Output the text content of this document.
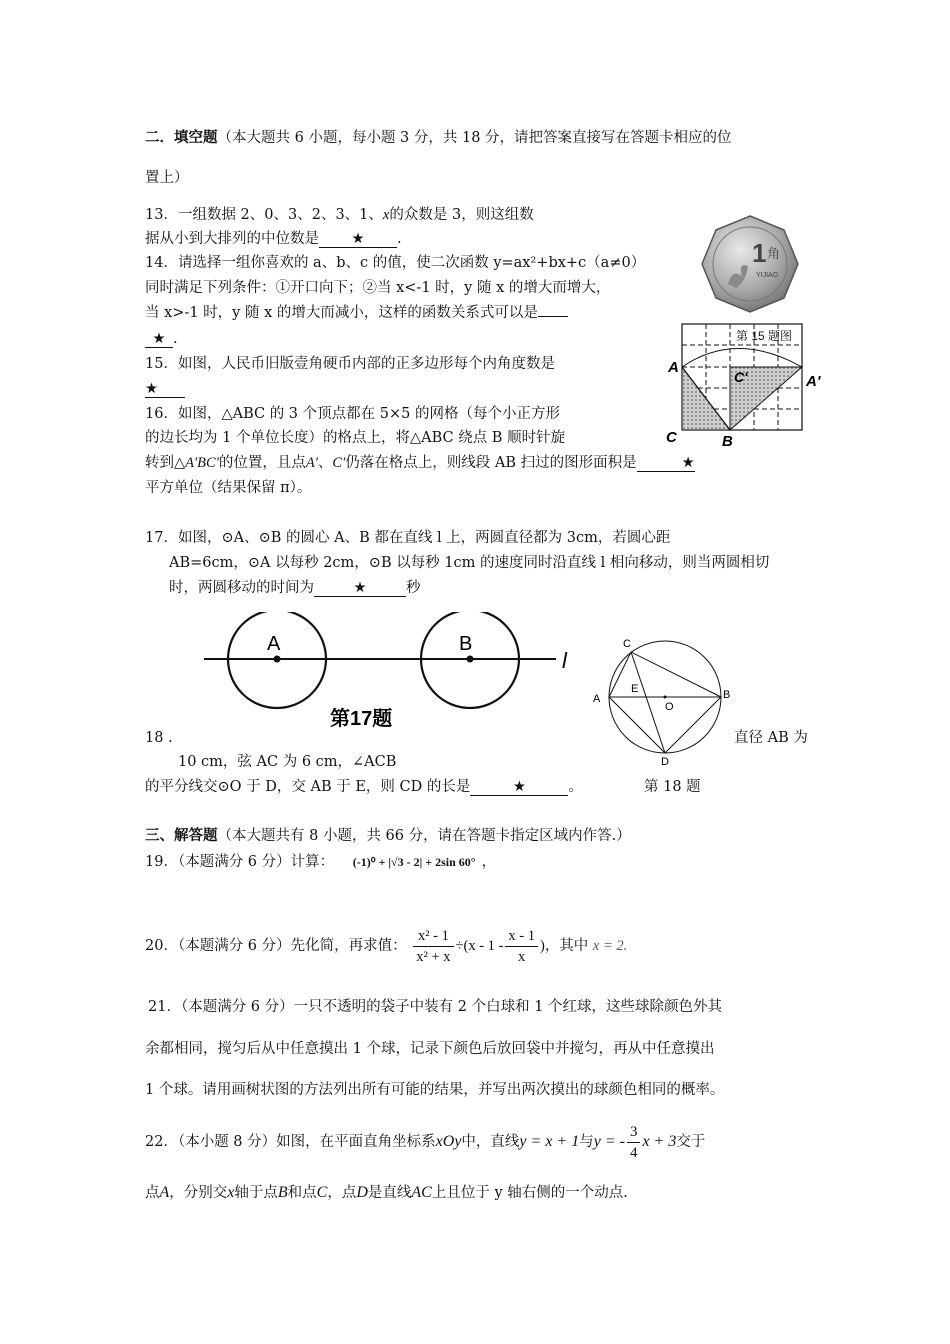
二．填空题（本大题共 6 小题，每小题 3 分，共 18 分，请把答案直接写在答题卡相应的位
置上）
13．一组数据 2、0、3、2、3、1、x的众数是 3，则这组数
据从小到大排列的中位数是 ★ .
14．请选择一组你喜欢的 a、b、c 的值，使二次函数 y=ax²+bx+c（a≠0）
同时满足下列条件：①开口向下；②当 x<-1 时，y 随 x 的增大而增大，
当 x>-1 时，y 随 x 的增大而减小，这样的函数关系式可以是
★ .
15．如图，人民币旧版壹角硬币内部的正多边形每个内角度数是
★
1 角
YIJIAO
第 15 题图
A
C'	A'
C	B
16．如图，△ABC 的 3 个顶点都在 5×5 的网格（每个小正方形
的边长均为 1 个单位长度）的格点上，将△ABC 绕点 B 顺时针旋
转到△A′BC′的位置，且点A′、C′仍落在格点上，则线段 AB 扫过的图形面积是	★
平方单位（结果保留 π）。
17．如图，⊙A、⊙B 的圆心 A、B 都在直线 l 上，两圆直径都为 3cm，若圆心距
AB=6cm，⊙A 以每秒 2cm，⊙B 以每秒 1cm 的速度同时沿直线 l 相向移动，则当两圆相切
时，两圆移动的时间为	★	秒
A	B
l
第17题
C
A
E
O
B
D
18 .	直径 AB 为
10 cm，弦 AC 为 6 cm，∠ACB
的平分线交⊙O 于 D，交 AB 于 E，则 CD 的长是	★	。	第 18 题
三、解答题（本大题共有 8 小题，共 66 分，请在答题卡指定区域内作答.）
19．（本题满分 6 分）计算： (-1)⁰ + |√3 - 2| + 2sin 60° ，
20．（本题满分 6 分）先化简，再求值： $\frac{\text{x² - 1}}{\text{x² + x}} \div(x - 1 - \frac{x - 1}{x}$ )，其中 x = 2.
21．（本题满分 6 分）一只不透明的袋子中装有 2 个白球和 1 个红球，这些球除颜色外其
余都相同，搅匀后从中任意摸出 1 个球，记录下颜色后放回袋中并搅匀，再从中任意摸出
1 个球。请用画树状图的方法列出所有可能的结果，并写出两次摸出的球颜色相同的概率。
22．（本小题 8 分）如图，在平面直角坐标系xOy中，直线y = x + 1与y = - $\frac{3}{4}$ x + 3交于
点A，分别交x轴于点B和点C，点D是直线AC上且位于 y 轴右侧的一个动点.
